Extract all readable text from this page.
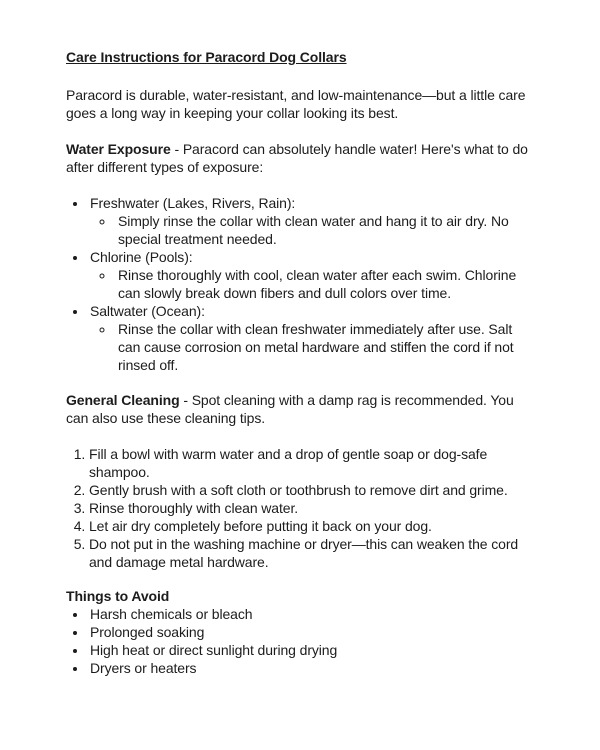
Care Instructions for Paracord Dog Collars

Paracord is durable, water-resistant, and low-maintenance—but a little care goes a long way in keeping your collar looking its best.

Water Exposure - Paracord can absolutely handle water! Here's what to do after different types of exposure:

• Freshwater (Lakes, Rivers, Rain):
◦ Simply rinse the collar with clean water and hang it to air dry. No special treatment needed.
• Chlorine (Pools):
◦ Rinse thoroughly with cool, clean water after each swim. Chlorine can slowly break down fibers and dull colors over time.
• Saltwater (Ocean):
◦ Rinse the collar with clean freshwater immediately after use. Salt can cause corrosion on metal hardware and stiffen the cord if not rinsed off.

General Cleaning - Spot cleaning with a damp rag is recommended. You can also use these cleaning tips.

1. Fill a bowl with warm water and a drop of gentle soap or dog-safe shampoo.
2. Gently brush with a soft cloth or toothbrush to remove dirt and grime.
3. Rinse thoroughly with clean water.
4. Let air dry completely before putting it back on your dog.
5. Do not put in the washing machine or dryer—this can weaken the cord and damage metal hardware.

Things to Avoid

• Harsh chemicals or bleach
• Prolonged soaking
• High heat or direct sunlight during drying
• Dryers or heaters
